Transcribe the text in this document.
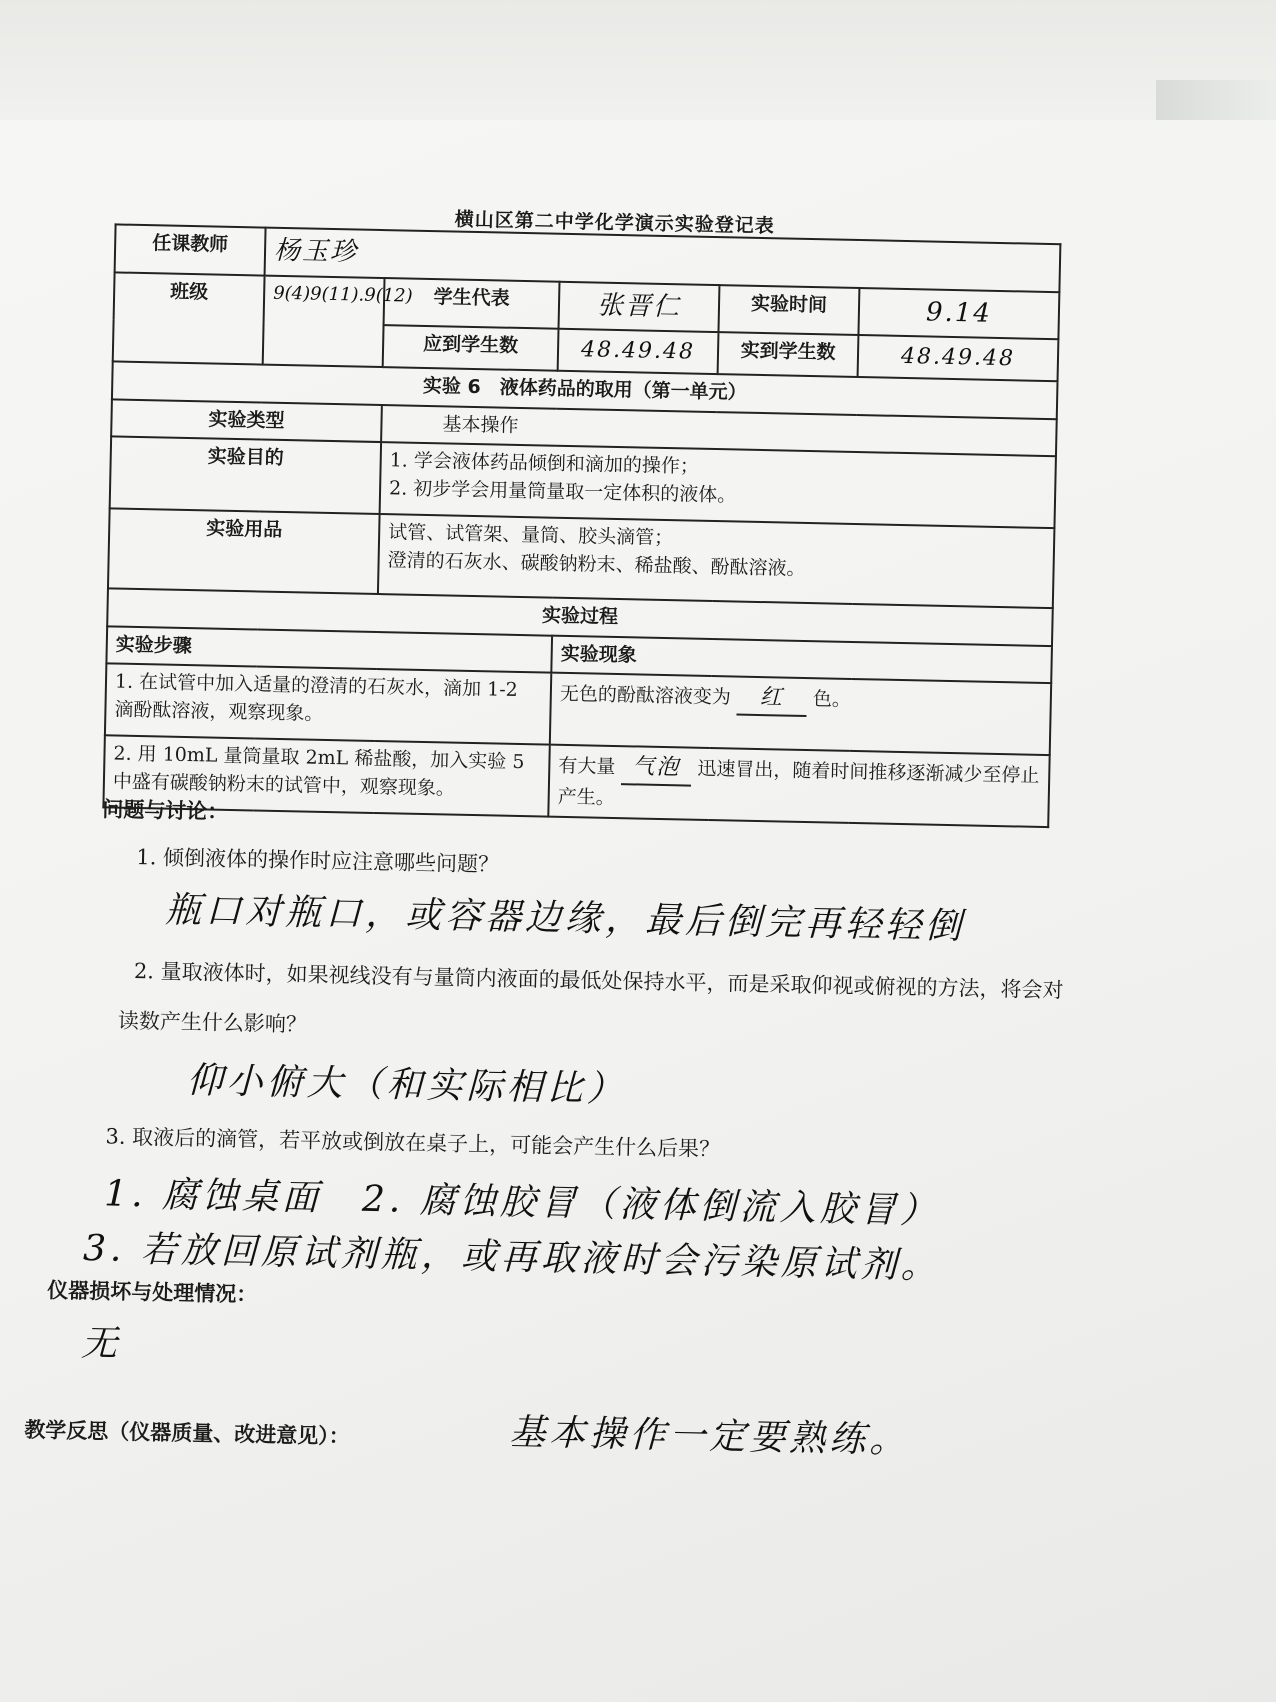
横山区第二中学化学演示实验登记表
任课教师	杨玉珍				
班级	9(4)9(11).9(12)	学生代表	张晋仁	实验时间	9.14
		应到学生数	48.49.48	实到学生数	48.49.48
实验 6　液体药品的取用（第一单元）					
实验类型		基本操作			
实验目的		1. 学会液体药品倾倒和滴加的操作；
2. 初步学会用量筒量取一定体积的液体。			

实验用品		试管、试管架、量筒、胶头滴管；
澄清的石灰水、碳酸钠粉末、稀盐酸、酚酞溶液。			

实验过程					
实验步骤			实验现象		
1. 在试管中加入适量的澄清的石灰水，滴加 1-2 滴酚酞溶液，观察现象。			无色的酚酞溶液变为 红 色。		
2. 用 10mL 量筒量取 2mL 稀盐酸，加入实验 5 中盛有碳酸钠粉末的试管中，观察现象。			有大量 气泡 迅速冒出，随着时间推移逐渐减少至停止产生。		
问题与讨论：
1. 倾倒液体的操作时应注意哪些问题？
瓶口对瓶口，或容器边缘，最后倒完再轻轻倒
2. 量取液体时，如果视线没有与量筒内液面的最低处保持水平，而是采取仰视或俯视的方法，将会对读数产生什么影响？
仰小俯大（和实际相比）
3. 取液后的滴管，若平放或倒放在桌子上，可能会产生什么后果？
1. 腐蚀桌面　2. 腐蚀胶冒（液体倒流入胶冒）
3. 若放回原试剂瓶，或再取液时会污染原试剂。
仪器损坏与处理情况：
无
教学反思（仪器质量、改进意见）：	基本操作一定要熟练。
